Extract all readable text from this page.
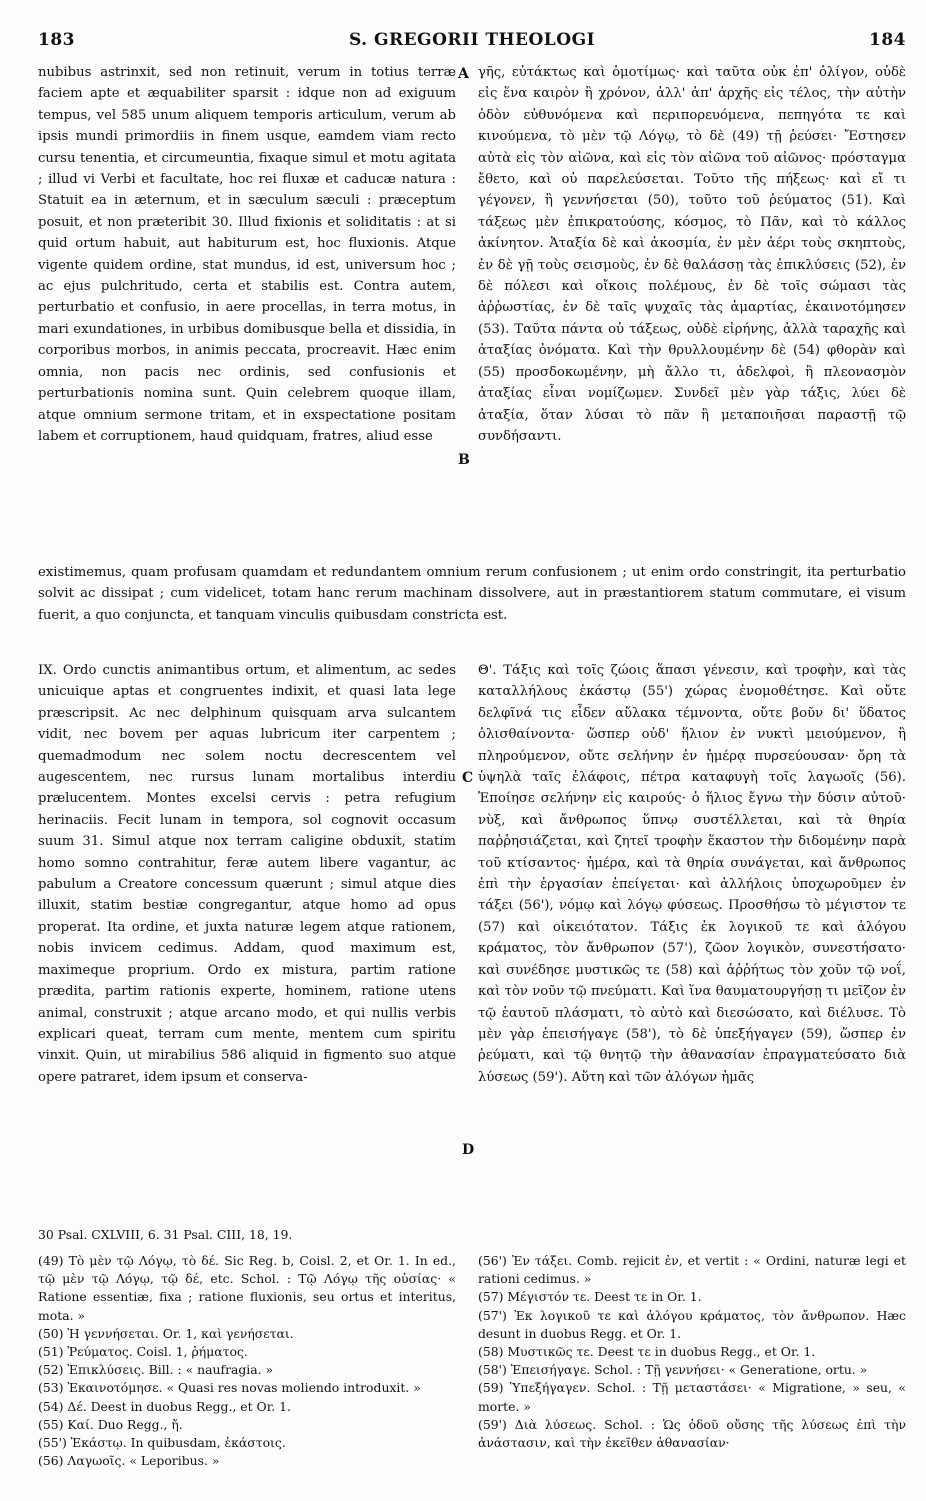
183	S. GREGORII THEOLOGI	184

nubibus astrinxit, sed non retinuit, verum in totius terræ faciem apte et æquabiliter sparsit : idque non ad exiguum tempus, vel 585 unum aliquem temporis articulum, verum ab ipsis mundi primordiis in finem usque, eamdem viam recto cursu tenentia, et circumeuntia, fixaque simul et motu agitata ; illud vi Verbi et facultate, hoc rei fluxæ et caducæ natura : Statuit ea in æternum, et in sæculum sæculi : præceptum posuit, et non præteribit 30. Illud fixionis et soliditatis : at si quid ortum habuit, aut habiturum est, hoc fluxionis. Atque vigente quidem ordine, stat mundus, id est, universum hoc ; ac ejus pulchritudo, certa et stabilis est. Contra autem, perturbatio et confusio, in aere procellas, in terra motus, in mari exundationes, in urbibus domibusque bella et dissidia, in corporibus morbos, in animis peccata, procreavit. Hæc enim omnia, non pacis nec ordinis, sed confusionis et perturbationis nomina sunt. Quin celebrem quoque illam, atque omnium sermone tritam, et in exspectatione positam labem et corruptionem, haud quidquam, fratres, aliud esse

γῆς, εὐτάκτως καὶ ὁμοτίμως· καὶ ταῦτα οὐκ ἐπ' ὀλίγον, οὐδὲ εἰς ἕνα καιρὸν ἢ χρόνον, ἀλλ' ἀπ' ἀρχῆς εἰς τέλος, τὴν αὐτὴν ὁδὸν εὐθυνόμενα καὶ περιπορευόμενα, πεπηγότα τε καὶ κινούμενα, τὸ μὲν τῷ Λόγῳ, τὸ δὲ (49) τῇ ῥεύσει· Ἔστησεν αὐτὰ εἰς τὸν αἰῶνα, καὶ εἰς τὸν αἰῶνα τοῦ αἰῶνος· πρόσταγμα ἔθετο, καὶ οὐ παρελεύσεται. Τοῦτο τῆς πήξεως· καὶ εἴ τι γέγονεν, ἢ γεννήσεται (50), τοῦτο τοῦ ῥεύματος (51). Καὶ τάξεως μὲν ἐπικρατούσης, κόσμος, τὸ Πᾶν, καὶ τὸ κάλλος ἀκίνητον. Ἀταξία δὲ καὶ ἀκοσμία, ἐν μὲν ἀέρι τοὺς σκηπτοὺς, ἐν δὲ γῇ τοὺς σεισμοὺς, ἐν δὲ θαλάσσῃ τὰς ἐπικλύσεις (52), ἐν δὲ πόλεσι καὶ οἴκοις πολέμους, ἐν δὲ τοῖς σώμασι τὰς ἀῤῥωστίας, ἐν δὲ ταῖς ψυχαῖς τὰς ἁμαρτίας, ἐκαινοτόμησεν (53). Ταῦτα πάντα οὐ τάξεως, οὐδὲ εἰρήνης, ἀλλὰ ταραχῆς καὶ ἀταξίας ὀνόματα. Καὶ τὴν θρυλλουμένην δὲ (54) φθορὰν καὶ (55) προσδοκωμένην, μὴ ἄλλο τι, ἀδελφοὶ, ἢ πλεονασμὸν ἀταξίας εἶναι νομίζωμεν. Συνδεῖ μὲν γὰρ τάξις, λύει δὲ ἀταξία, ὅταν λύσαι τὸ πᾶν ἢ μεταποιῆσαι παραστῇ τῷ συνδήσαντι.

A
B

existimemus, quam profusam quamdam et redundantem omnium rerum confusionem ; ut enim ordo constringit, ita perturbatio solvit ac dissipat ; cum videlicet, totam hanc rerum machinam dissolvere, aut in præstantiorem statum commutare, ei visum fuerit, a quo conjuncta, et tanquam vinculis quibusdam constricta est.

IX. Ordo cunctis animantibus ortum, et alimentum, ac sedes unicuique aptas et congruentes indixit, et quasi lata lege præscripsit. Ac nec delphinum quisquam arva sulcantem vidit, nec bovem per aquas lubricum iter carpentem ; quemadmodum nec solem noctu decrescentem vel augescentem, nec rursus lunam mortalibus interdiu prælucentem. Montes excelsi cervis : petra refugium herinaciis. Fecit lunam in tempora, sol cognovit occasum suum 31. Simul atque nox terram caligine obduxit, statim homo somno contrahitur, feræ autem libere vagantur, ac pabulum a Creatore concessum quærunt ; simul atque dies illuxit, statim bestiæ congregantur, atque homo ad opus properat. Ita ordine, et juxta naturæ legem atque rationem, nobis invicem cedimus. Addam, quod maximum est, maximeque proprium. Ordo ex mistura, partim ratione prædita, partim rationis experte, hominem, ratione utens animal, construxit ; atque arcano modo, et qui nullis verbis explicari queat, terram cum mente, mentem cum spiritu vinxit. Quin, ut mirabilius 586 aliquid in figmento suo atque opere patraret, idem ipsum et conserva-

Θ'. Τάξις καὶ τοῖς ζώοις ἅπασι γένεσιν, καὶ τροφὴν, καὶ τὰς καταλλήλους ἑκάστῳ (55') χώρας ἐνομοθέτησε. Καὶ οὔτε δελφῖνά τις εἶδεν αὔλακα τέμνοντα, οὔτε βοῦν δι' ὕδατος ὀλισθαίνοντα· ὥσπερ οὐδ' ἥλιον ἐν νυκτὶ μειούμενον, ἢ πληρούμενον, οὔτε σελήνην ἐν ἡμέρᾳ πυρσεύουσαν· ὄρη τὰ ὑψηλὰ ταῖς ἐλάφοις, πέτρα καταφυγὴ τοῖς λαγωοῖς (56). Ἐποίησε σελήνην εἰς καιρούς· ὁ ἥλιος ἔγνω τὴν δύσιν αὐτοῦ· νὺξ, καὶ ἄνθρωπος ὕπνῳ συστέλλεται, καὶ τὰ θηρία παῤῥησιάζεται, καὶ ζητεῖ τροφὴν ἕκαστον τὴν διδομένην παρὰ τοῦ κτίσαντος· ἡμέρα, καὶ τὰ θηρία συνάγεται, καὶ ἄνθρωπος ἐπὶ τὴν ἐργασίαν ἐπείγεται· καὶ ἀλλήλοις ὑποχωροῦμεν ἐν τάξει (56'), νόμῳ καὶ λόγῳ φύσεως. Προσθήσω τὸ μέγιστον τε (57) καὶ οἰκειότατον. Τάξις ἐκ λογικοῦ τε καὶ ἀλόγου κράματος, τὸν ἄνθρωπον (57'), ζῶον λογικὸν, συνεστήσατο· καὶ συνέδησε μυστικῶς τε (58) καὶ ἀῤῥήτως τὸν χοῦν τῷ νοΐ, καὶ τὸν νοῦν τῷ πνεύματι. Καὶ ἵνα θαυματουργήσῃ τι μεῖζον ἐν τῷ ἑαυτοῦ πλάσματι, τὸ αὐτὸ καὶ διεσώσατο, καὶ διέλυσε. Τὸ μὲν γὰρ ἐπεισήγαγε (58'), τὸ δὲ ὑπεξήγαγεν (59), ὥσπερ ἐν ῥεύματι, καὶ τῷ θνητῷ τὴν ἀθανασίαν ἐπραγματεύσατο διὰ λύσεως (59'). Αὕτη καὶ τῶν ἀλόγων ἡμᾶς

C
D

30 Psal. CXLVIII, 6. 31 Psal. CIII, 18, 19.

(49) Τὸ μὲν τῷ Λόγῳ, τὸ δέ. Sic Reg. b, Coisl. 2, et Or. 1. In ed., τῷ μὲν τῷ Λόγῳ, τῷ δέ, etc. Schol. : Τῷ Λόγῳ τῆς οὐσίας· « Ratione essentiæ, fixa ; ratione fluxionis, seu ortus et interitus, mota. »

(50) Ἡ γεννήσεται. Or. 1, καὶ γενήσεται.

(51) Ῥεύματος. Coisl. 1, ῥήματος.

(52) Ἐπικλύσεις. Bill. : « naufragia. »

(53) Ἐκαινοτόμησε. « Quasi res novas moliendo introduxit. »

(54) Δέ. Deest in duobus Regg., et Or. 1.

(55) Καί. Duo Regg., ἤ.

(55') Ἑκάστῳ. In quibusdam, ἑκάστοις.

(56) Λαγωοῖς. « Leporibus. »

(56') Ἐν τάξει. Comb. rejicit ἐν, et vertit : « Ordini, naturæ legi et rationi cedimus. »

(57) Μέγιστόν τε. Deest τε in Or. 1.

(57') Ἐκ λογικοῦ τε καὶ ἀλόγου κράματος, τὸν ἄνθρωπον. Hæc desunt in duobus Regg. et Or. 1.

(58) Μυστικῶς τε. Deest τε in duobus Regg., et Or. 1.

(58') Ἐπεισήγαγε. Schol. : Τῇ γεννήσει· « Generatione, ortu. »

(59) Ὑπεξήγαγεν. Schol. : Τῇ μεταστάσει· « Migratione, » seu, « morte. »

(59') Διὰ λύσεως. Schol. : Ὡς ὁδοῦ οὔσης τῆς λύσεως ἐπὶ τὴν ἀνάστασιν, καὶ τὴν ἐκεῖθεν ἀθανασίαν·
